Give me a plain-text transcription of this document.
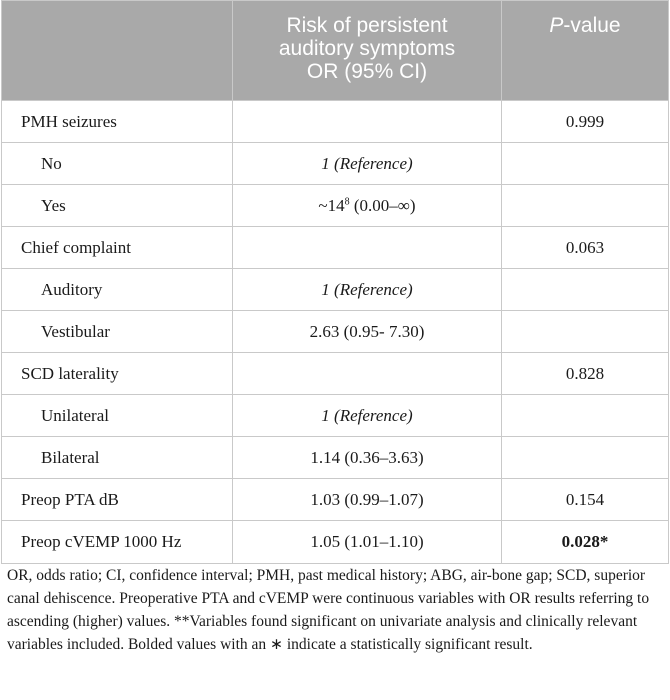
	Risk of persistent
auditory symptoms
OR (95% CI)	P-value

PMH seizures		0.999
No	1 (Reference)	
Yes	$\sim 14^8$ (0.00–∞)	
Chief complaint		0.063
Auditory	1 (Reference)	
Vestibular	2.63 (0.95- 7.30)	
SCD laterality		0.828
Unilateral	1 (Reference)	
Bilateral	1.14 (0.36–3.63)	
Preop PTA dB	1.03 (0.99–1.07)	0.154
Preop cVEMP 1000 Hz	1.05 (1.01–1.10)	0.028*
OR, odds ratio; CI, confidence interval; PMH, past medical history; ABG, air-bone gap; SCD, superior canal dehiscence. Preoperative PTA and cVEMP were continuous variables with OR results referring to ascending (higher) values. **Variables found significant on univariate analysis and clinically relevant variables included. Bolded values with an ∗ indicate a statistically significant result.
